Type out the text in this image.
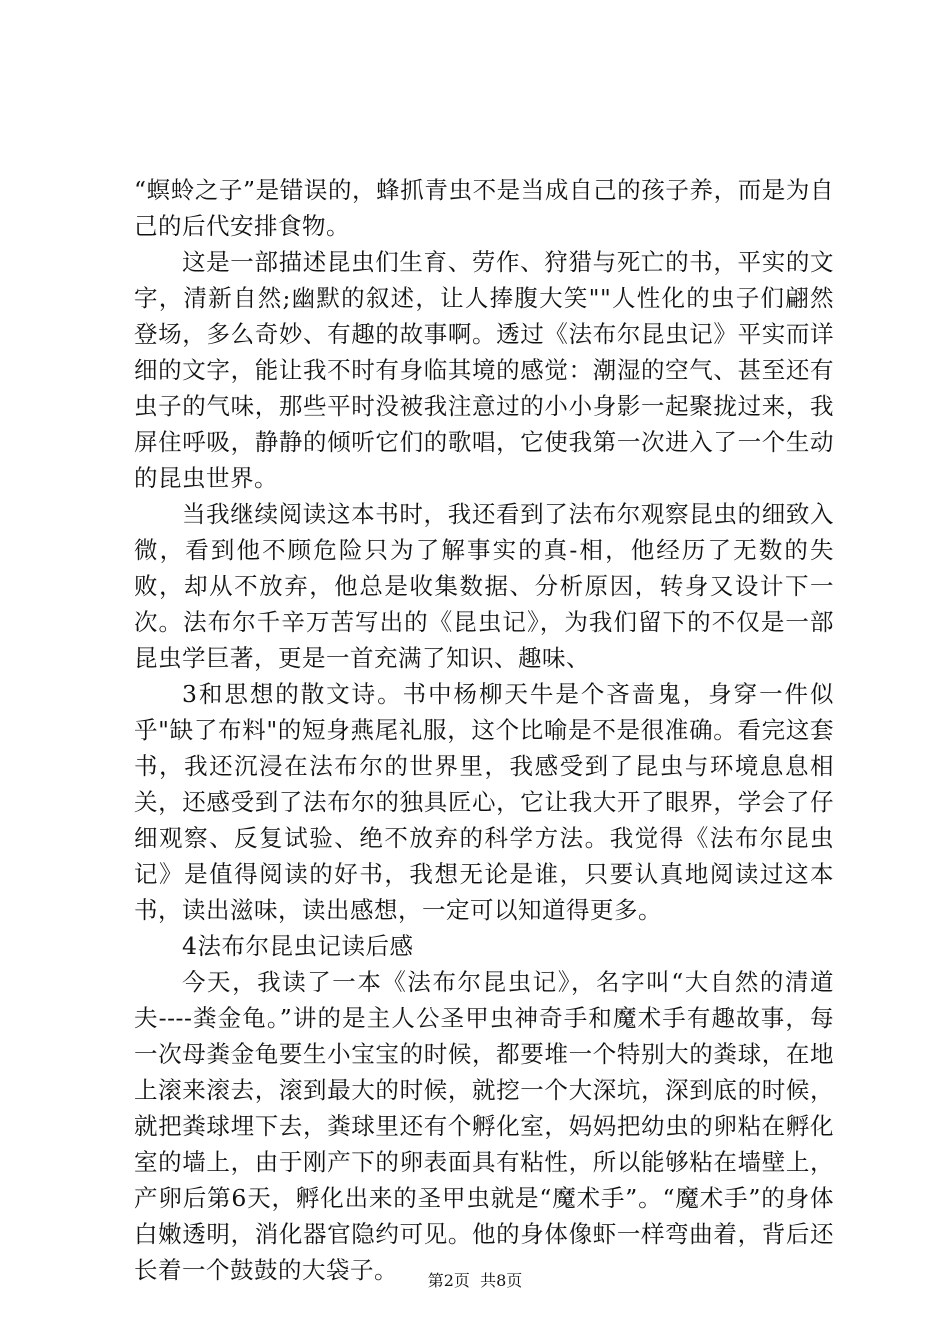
“螟蛉之子”是错误的，蜂抓青虫不是当成自己的孩子养，而是为自己的后代安排食物。

这是一部描述昆虫们生育、劳作、狩猎与死亡的书，平实的文字，清新自然;幽默的叙述，让人捧腹大笑""人性化的虫子们翩然登场，多么奇妙、有趣的故事啊。透过《法布尔昆虫记》平实而详细的文字，能让我不时有身临其境的感觉：潮湿的空气、甚至还有虫子的气味，那些平时没被我注意过的小小身影一起聚拢过来，我屏住呼吸，静静的倾听它们的歌唱，它使我第一次进入了一个生动的昆虫世界。

当我继续阅读这本书时，我还看到了法布尔观察昆虫的细致入微，看到他不顾危险只为了解事实的真-相，他经历了无数的失败，却从不放弃，他总是收集数据、分析原因，转身又设计下一次。法布尔千辛万苦写出的《昆虫记》，为我们留下的不仅是一部昆虫学巨著，更是一首充满了知识、趣味、

3和思想的散文诗。书中杨柳天牛是个吝啬鬼，身穿一件似乎"缺了布料"的短身燕尾礼服，这个比喻是不是很准确。看完这套书，我还沉浸在法布尔的世界里，我感受到了昆虫与环境息息相关，还感受到了法布尔的独具匠心，它让我大开了眼界，学会了仔细观察、反复试验、绝不放弃的科学方法。我觉得《法布尔昆虫记》是值得阅读的好书，我想无论是谁，只要认真地阅读过这本书，读出滋味，读出感想，一定可以知道得更多。

4法布尔昆虫记读后感

今天，我读了一本《法布尔昆虫记》，名字叫“大自然的清道夫----粪金龟。”讲的是主人公圣甲虫神奇手和魔术手有趣故事，每一次母粪金龟要生小宝宝的时候，都要堆一个特别大的粪球，在地上滚来滚去，滚到最大的时候，就挖一个大深坑，深到底的时候，就把粪球埋下去，粪球里还有个孵化室，妈妈把幼虫的卵粘在孵化室的墙上，由于刚产下的卵表面具有粘性，所以能够粘在墙壁上，产卵后第6天，孵化出来的圣甲虫就是“魔术手”。“魔术手”的身体白嫩透明，消化器官隐约可见。他的身体像虾一样弯曲着，背后还长着一个鼓鼓的大袋子。	第2页  共8页
